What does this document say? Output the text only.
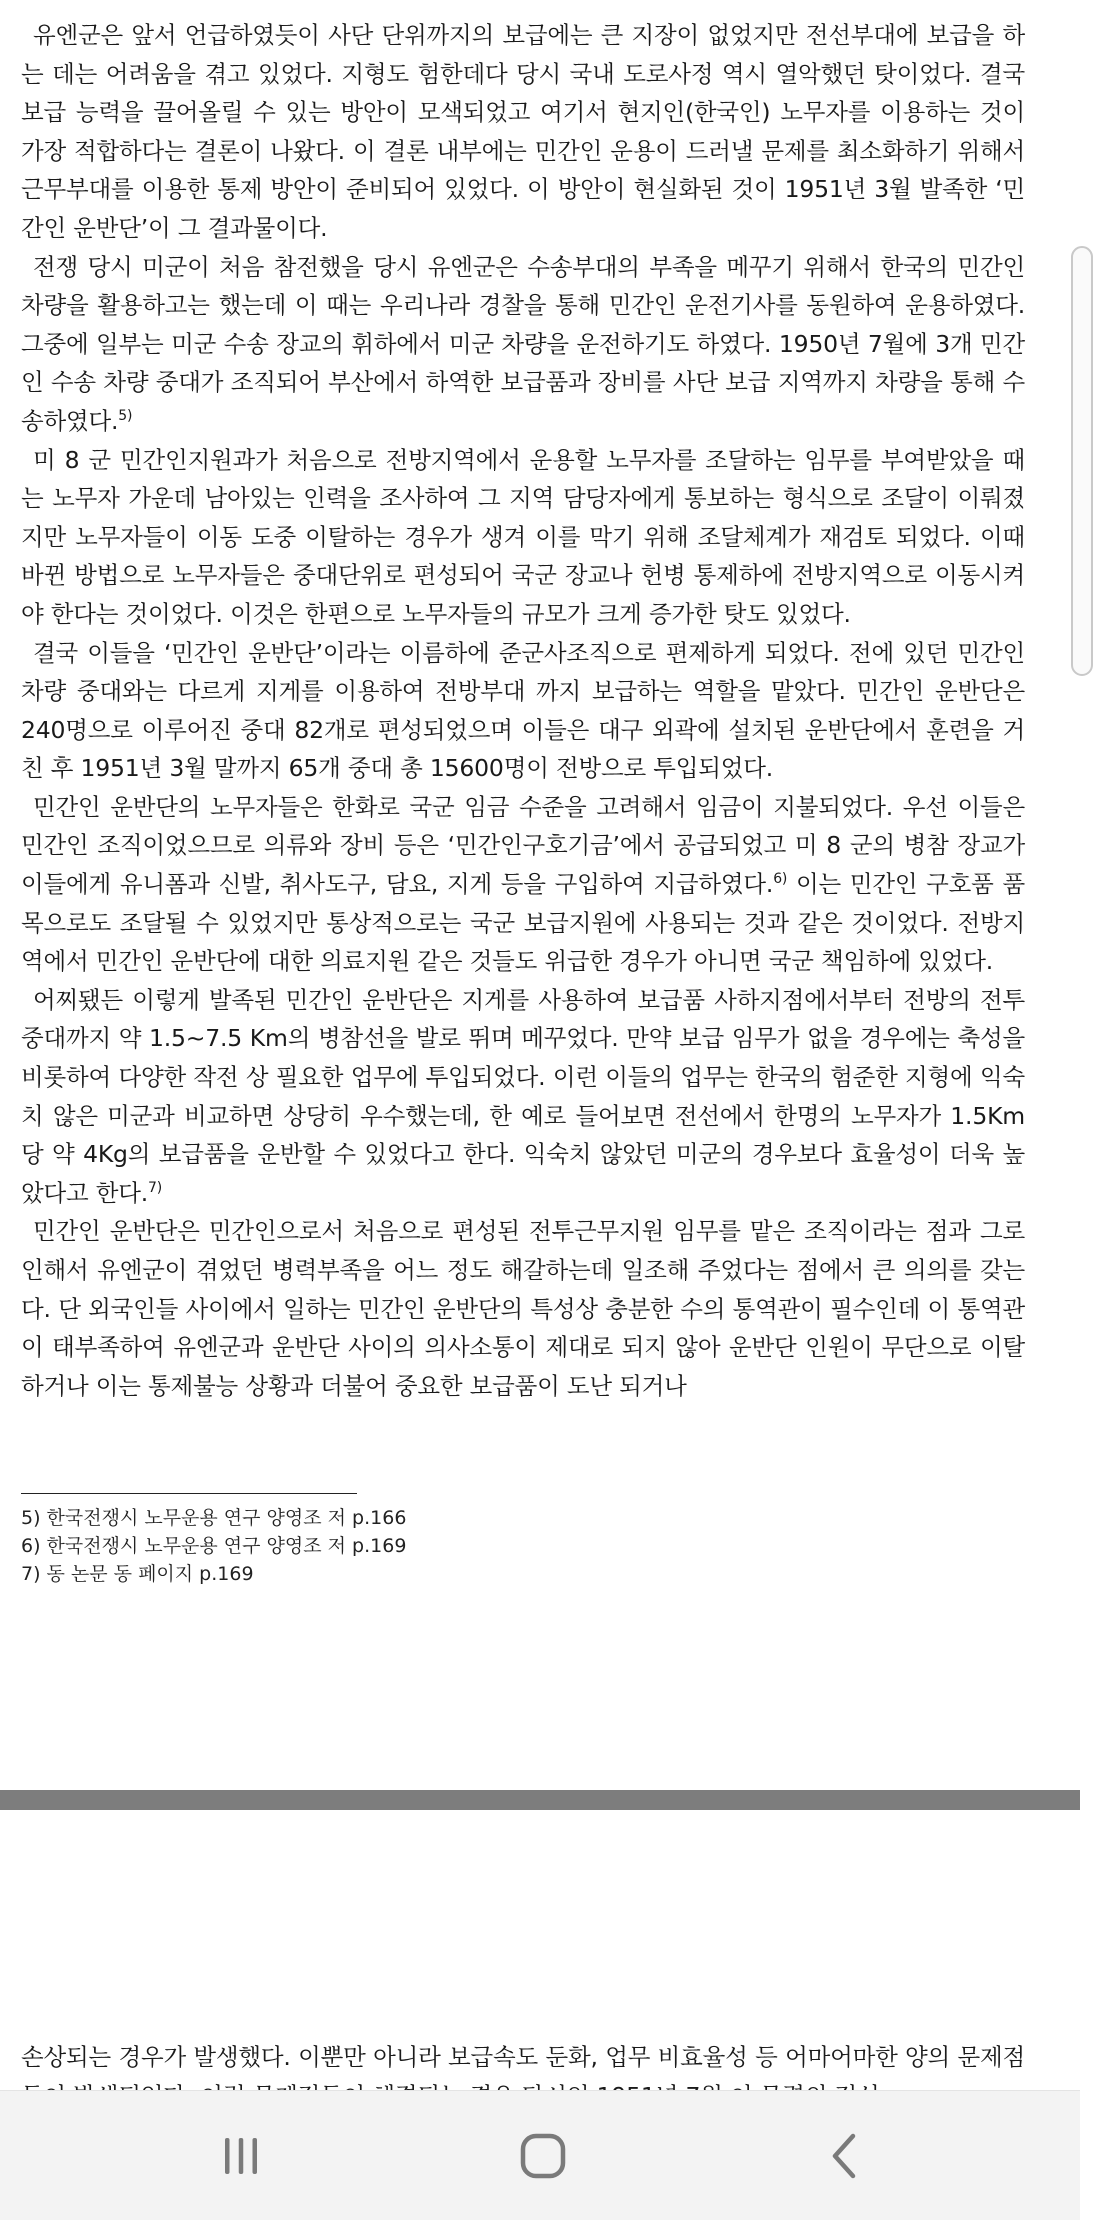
유엔군은 앞서 언급하였듯이 사단 단위까지의 보급에는 큰 지장이 없었지만 전선부대에 보급을 하는 데는 어려움을 겪고 있었다. 지형도 험한데다 당시 국내 도로사정 역시 열악했던 탓이었다. 결국 보급 능력을 끌어올릴 수 있는 방안이 모색되었고 여기서 현지인(한국인) 노무자를 이용하는 것이 가장 적합하다는 결론이 나왔다. 이 결론 내부에는 민간인 운용이 드러낼 문제를 최소화하기 위해서 근무부대를 이용한 통제 방안이 준비되어 있었다. 이 방안이 현실화된 것이 1951년 3월 발족한 ‘민간인 운반단’이 그 결과물이다.

전쟁 당시 미군이 처음 참전했을 당시 유엔군은 수송부대의 부족을 메꾸기 위해서 한국의 민간인 차량을 활용하고는 했는데 이 때는 우리나라 경찰을 통해 민간인 운전기사를 동원하여 운용하였다. 그중에 일부는 미군 수송 장교의 휘하에서 미군 차량을 운전하기도 하였다. 1950년 7월에 3개 민간인 수송 차량 중대가 조직되어 부산에서 하역한 보급품과 장비를 사단 보급 지역까지 차량을 통해 수송하였다.$^{5)}$

미 8 군 민간인지원과가 처음으로 전방지역에서 운용할 노무자를 조달하는 임무를 부여받았을 때는 노무자 가운데 남아있는 인력을 조사하여 그 지역 담당자에게 통보하는 형식으로 조달이 이뤄졌지만 노무자들이 이동 도중 이탈하는 경우가 생겨 이를 막기 위해 조달체계가 재검토 되었다. 이때 바뀐 방법으로 노무자들은 중대단위로 편성되어 국군 장교나 헌병 통제하에 전방지역으로 이동시켜야 한다는 것이었다. 이것은 한편으로 노무자들의 규모가 크게 증가한 탓도 있었다.

결국 이들을 ‘민간인 운반단’이라는 이름하에 준군사조직으로 편제하게 되었다. 전에 있던 민간인 차량 중대와는 다르게 지게를 이용하여 전방부대 까지 보급하는 역할을 맡았다. 민간인 운반단은 240명으로 이루어진 중대 82개로 편성되었으며 이들은 대구 외곽에 설치된 운반단에서 훈련을 거친 후 1951년 3월 말까지 65개 중대 총 15600명이 전방으로 투입되었다.

민간인 운반단의 노무자들은 한화로 국군 임금 수준을 고려해서 임금이 지불되었다. 우선 이들은 민간인 조직이었으므로 의류와 장비 등은 ‘민간인구호기금’에서 공급되었고 미 8 군의 병참 장교가 이들에게 유니폼과 신발, 취사도구, 담요, 지게 등을 구입하여 지급하였다.$^{6)}$ 이는 민간인 구호품 품목으로도 조달될 수 있었지만 통상적으로는 국군 보급지원에 사용되는 것과 같은 것이었다. 전방지역에서 민간인 운반단에 대한 의료지원 같은 것들도 위급한 경우가 아니면 국군 책임하에 있었다.

어찌됐든 이렇게 발족된 민간인 운반단은 지게를 사용하여 보급품 사하지점에서부터 전방의 전투중대까지 약 1.5~7.5 Km의 병참선을 발로 뛰며 메꾸었다. 만약 보급 임무가 없을 경우에는 축성을 비롯하여 다양한 작전 상 필요한 업무에 투입되었다. 이런 이들의 업무는 한국의 험준한 지형에 익숙치 않은 미군과 비교하면 상당히 우수했는데, 한 예로 들어보면 전선에서 한명의 노무자가 1.5Km 당 약 4Kg의 보급품을 운반할 수 있었다고 한다. 익숙치 않았던 미군의 경우보다 효율성이 더욱 높았다고 한다.$^{7)}$

민간인 운반단은 민간인으로서 처음으로 편성된 전투근무지원 임무를 맡은 조직이라는 점과 그로 인해서 유엔군이 겪었던 병력부족을 어느 정도 해갈하는데 일조해 주었다는 점에서 큰 의의를 갖는다. 단 외국인들 사이에서 일하는 민간인 운반단의 특성상 충분한 수의 통역관이 필수인데 이 통역관이 태부족하여 유엔군과 운반단 사이의 의사소통이 제대로 되지 않아 운반단 인원이 무단으로 이탈하거나 이는 통제불능 상황과 더불어 중요한 보급품이 도난 되거나

5) 한국전쟁시 노무운용 연구 양영조 저 p.166
6) 한국전쟁시 노무운용 연구 양영조 저 p.169
7) 동 논문 동 페이지 p.169
손상되는 경우가 발생했다. 이뿐만 아니라 보급속도 둔화, 업무 비효율성 등 어마어마한 양의 문제점
